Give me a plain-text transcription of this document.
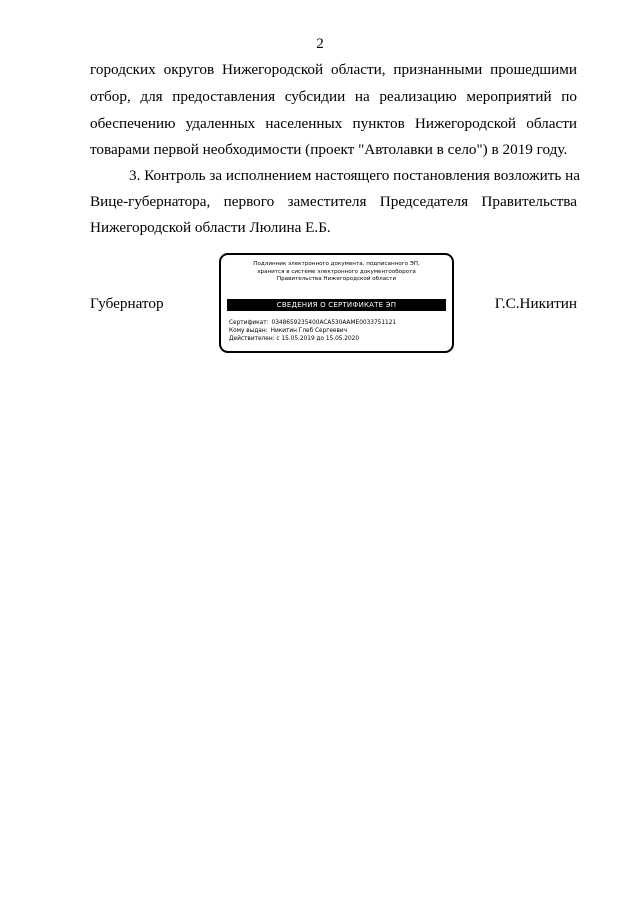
2
городских округов Нижегородской области, признанными прошедшими
отбор, для предоставления субсидии на реализацию мероприятий по
обеспечению удаленных населенных пунктов Нижегородской области
товарами первой необходимости (проект "Автолавки в село") в 2019 году.
3. Контроль за исполнением настоящего постановления возложить на
Вице-губернатора, первого заместителя Председателя Правительства
Нижегородской области Люлина Е.Б.
Губернатор
Подлинник электронного документа, подписанного ЭП,
хранится в системе электронного документооборота
Правительства Нижегородской области
СВЕДЕНИЯ О СЕРТИФИКАТЕ ЭП
Сертификат: 0348659235400ACA530AAME0033751121
Кому выдан: Никитин Глеб Сергеевич
Действителен: с 15.05.2019 до 15.05.2020
Г.С.Никитин
